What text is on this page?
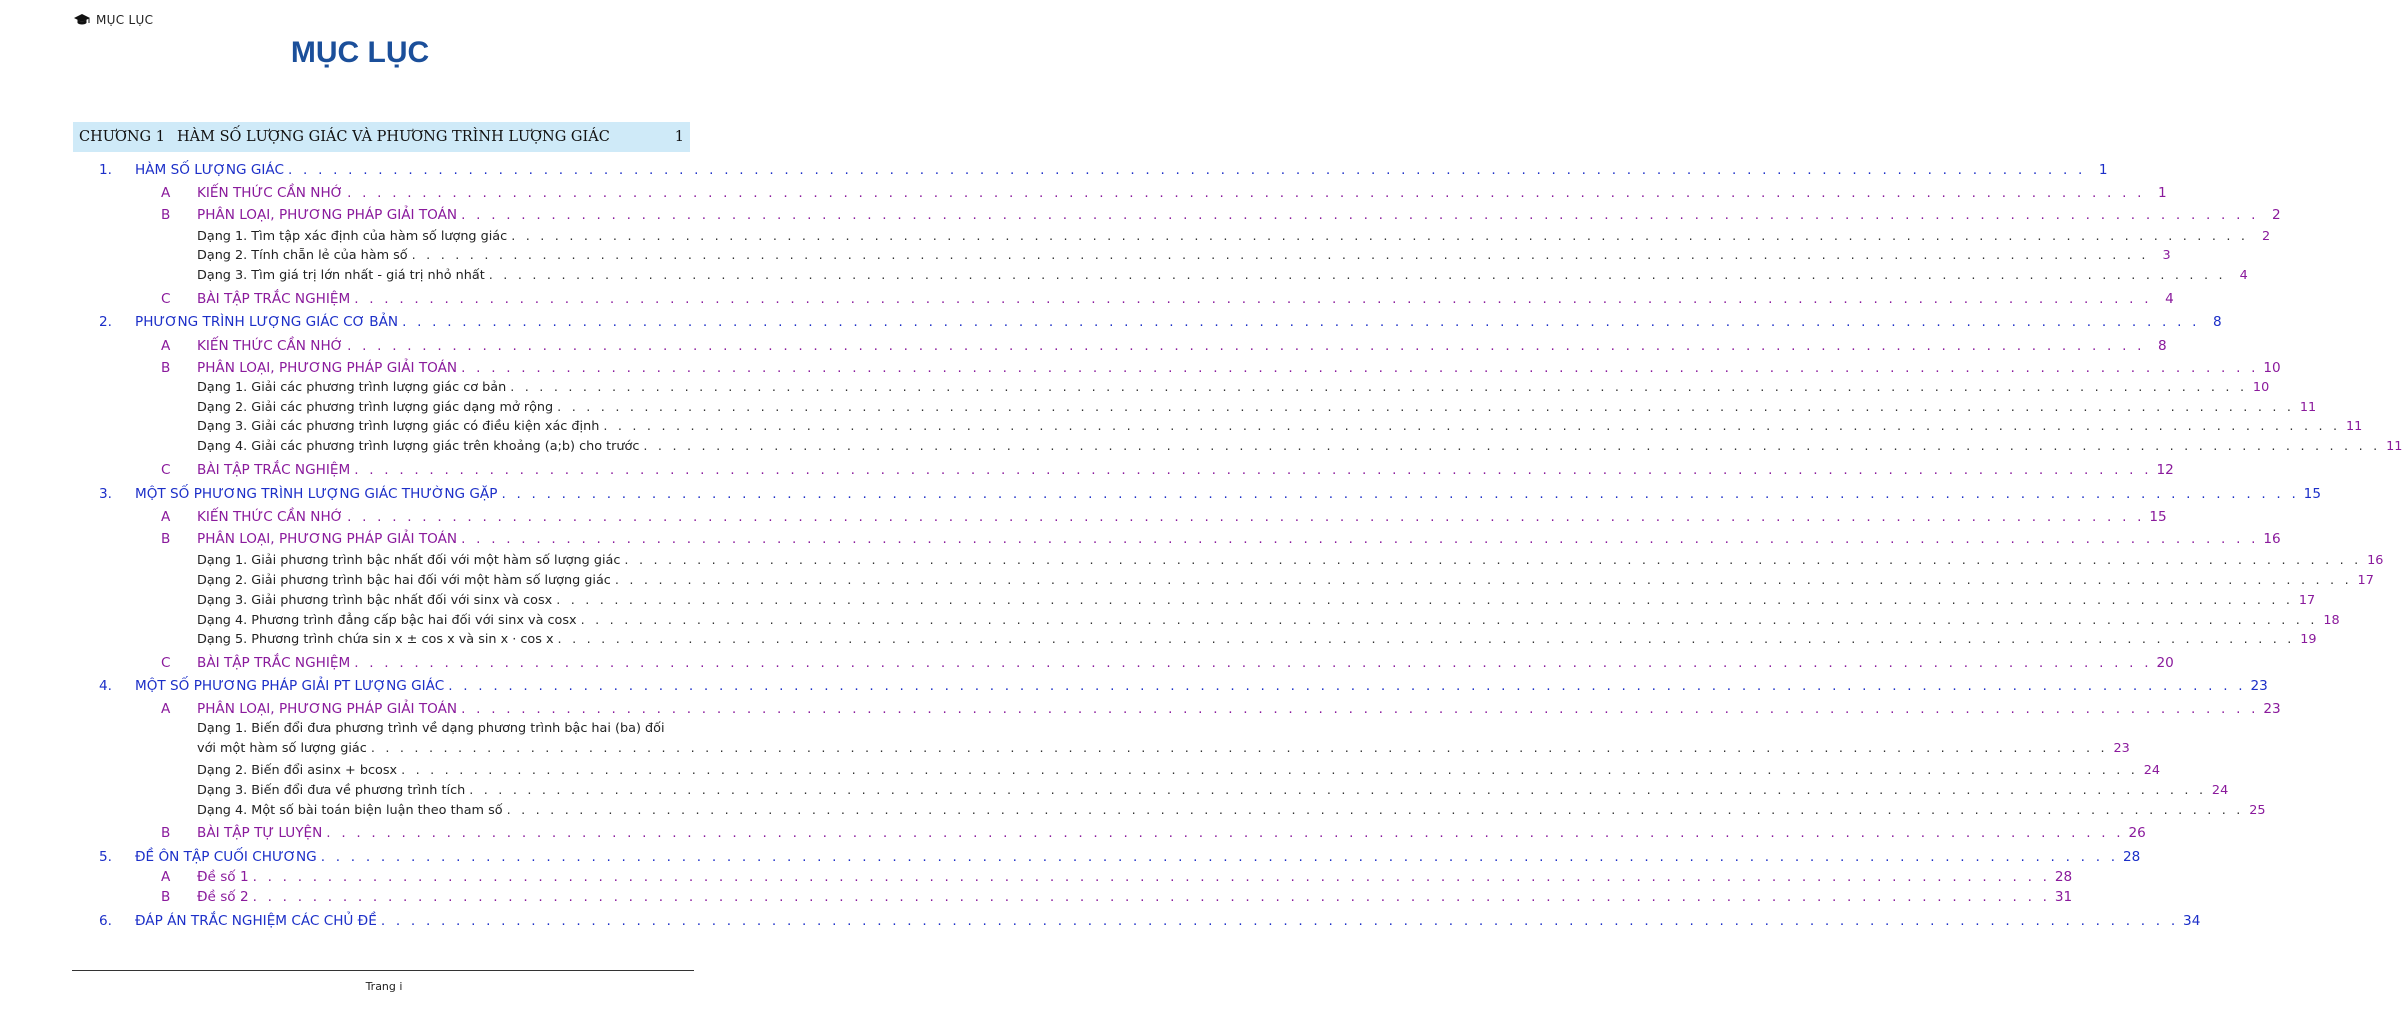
MỤC LỤC
MỤC LỤC
CHƯƠNG 1 HÀM SỐ LƯỢNG GIÁC VÀ PHƯƠNG TRÌNH LƯỢNG GIÁC	1
1. HÀM SỐ LƯỢNG GIÁC . . . . . . . . . . . . . . . . . . . . . . . . . . . . . . . . . . . . . . . . . . . . . . . . . . . . . . . . . . . . . . . . . . . . . . . . . . . . . . . . . . . . . . . . . . . . . . . . . . . . . . . . . . . . . . . . . . . . . . . . 1
A KIẾN THỨC CẦN NHỚ . . . . . . . . . . . . . . . . . . . . . . . . . . . . . . . . . . . . . . . . . . . . . . . . . . . . . . . . . . . . . . . . . . . . . . . . . . . . . . . . . . . . . . . . . . . . . . . . . . . . . . . . . . . . . . . . . . . . . . . . 1
B PHÂN LOẠI, PHƯƠNG PHÁP GIẢI TOÁN . . . . . . . . . . . . . . . . . . . . . . . . . . . . . . . . . . . . . . . . . . . . . . . . . . . . . . . . . . . . . . . . . . . . . . . . . . . . . . . . . . . . . . . . . . . . . . . . . . . . . . . . . . . . . . . . . . . . . . . . 2
Dạng 1. Tìm tập xác định của hàm số lượng giác . . . . . . . . . . . . . . . . . . . . . . . . . . . . . . . . . . . . . . . . . . . . . . . . . . . . . . . . . . . . . . . . . . . . . . . . . . . . . . . . . . . . . . . . . . . . . . . . . . . . . . . . . . . . . . . . . . . . . . . .	2
Dạng 2. Tính chẵn lẻ của hàm số . . . . . . . . . . . . . . . . . . . . . . . . . . . . . . . . . . . . . . . . . . . . . . . . . . . . . . . . . . . . . . . . . . . . . . . . . . . . . . . . . . . . . . . . . . . . . . . . . . . . . . . . . . . . . . . . . . . . . . . .	3
Dạng 3. Tìm giá trị lớn nhất - giá trị nhỏ nhất . . . . . . . . . . . . . . . . . . . . . . . . . . . . . . . . . . . . . . . . . . . . . . . . . . . . . . . . . . . . . . . . . . . . . . . . . . . . . . . . . . . . . . . . . . . . . . . . . . . . . . . . . . . . . . . . . . . . . . . .	4
C BÀI TẬP TRẮC NGHIỆM . . . . . . . . . . . . . . . . . . . . . . . . . . . . . . . . . . . . . . . . . . . . . . . . . . . . . . . . . . . . . . . . . . . . . . . . . . . . . . . . . . . . . . . . . . . . . . . . . . . . . . . . . . . . . . . . . . . . . . . . 4
2. PHƯƠNG TRÌNH LƯỢNG GIÁC CƠ BẢN . . . . . . . . . . . . . . . . . . . . . . . . . . . . . . . . . . . . . . . . . . . . . . . . . . . . . . . . . . . . . . . . . . . . . . . . . . . . . . . . . . . . . . . . . . . . . . . . . . . . . . . . . . . . . . . . . . . . . . . . 8
A KIẾN THỨC CẦN NHỚ . . . . . . . . . . . . . . . . . . . . . . . . . . . . . . . . . . . . . . . . . . . . . . . . . . . . . . . . . . . . . . . . . . . . . . . . . . . . . . . . . . . . . . . . . . . . . . . . . . . . . . . . . . . . . . . . . . . . . . . . 8
B PHÂN LOẠI, PHƯƠNG PHÁP GIẢI TOÁN . . . . . . . . . . . . . . . . . . . . . . . . . . . . . . . . . . . . . . . . . . . . . . . . . . . . . . . . . . . . . . . . . . . . . . . . . . . . . . . . . . . . . . . . . . . . . . . . . . . . . . . . . . . . . . . . . . . . . . . . 10
Dạng 1. Giải các phương trình lượng giác cơ bản . . . . . . . . . . . . . . . . . . . . . . . . . . . . . . . . . . . . . . . . . . . . . . . . . . . . . . . . . . . . . . . . . . . . . . . . . . . . . . . . . . . . . . . . . . . . . . . . . . . . . . . . . . . . . . . . . . . . . . . . 10
Dạng 2. Giải các phương trình lượng giác dạng mở rộng . . . . . . . . . . . . . . . . . . . . . . . . . . . . . . . . . . . . . . . . . . . . . . . . . . . . . . . . . . . . . . . . . . . . . . . . . . . . . . . . . . . . . . . . . . . . . . . . . . . . . . . . . . . . . . . . . . . . . . . . 11
Dạng 3. Giải các phương trình lượng giác có điều kiện xác định . . . . . . . . . . . . . . . . . . . . . . . . . . . . . . . . . . . . . . . . . . . . . . . . . . . . . . . . . . . . . . . . . . . . . . . . . . . . . . . . . . . . . . . . . . . . . . . . . . . . . . . . . . . . . . . . . . . . . . . . 11
Dạng 4. Giải các phương trình lượng giác trên khoảng (a;b) cho trước . . . . . . . . . . . . . . . . . . . . . . . . . . . . . . . . . . . . . . . . . . . . . . . . . . . . . . . . . . . . . . . . . . . . . . . . . . . . . . . . . . . . . . . . . . . . . . . . . . . . . . . . . . . . . . . . . . . . . . . . 11
C BÀI TẬP TRẮC NGHIỆM . . . . . . . . . . . . . . . . . . . . . . . . . . . . . . . . . . . . . . . . . . . . . . . . . . . . . . . . . . . . . . . . . . . . . . . . . . . . . . . . . . . . . . . . . . . . . . . . . . . . . . . . . . . . . . . . . . . . . . . . 12
3. MỘT SỐ PHƯƠNG TRÌNH LƯỢNG GIÁC THƯỜNG GẶP . . . . . . . . . . . . . . . . . . . . . . . . . . . . . . . . . . . . . . . . . . . . . . . . . . . . . . . . . . . . . . . . . . . . . . . . . . . . . . . . . . . . . . . . . . . . . . . . . . . . . . . . . . . . . . . . . . . . . . . . 15
A KIẾN THỨC CẦN NHỚ . . . . . . . . . . . . . . . . . . . . . . . . . . . . . . . . . . . . . . . . . . . . . . . . . . . . . . . . . . . . . . . . . . . . . . . . . . . . . . . . . . . . . . . . . . . . . . . . . . . . . . . . . . . . . . . . . . . . . . . . 15
B PHÂN LOẠI, PHƯƠNG PHÁP GIẢI TOÁN . . . . . . . . . . . . . . . . . . . . . . . . . . . . . . . . . . . . . . . . . . . . . . . . . . . . . . . . . . . . . . . . . . . . . . . . . . . . . . . . . . . . . . . . . . . . . . . . . . . . . . . . . . . . . . . . . . . . . . . . 16
Dạng 1. Giải phương trình bậc nhất đối với một hàm số lượng giác . . . . . . . . . . . . . . . . . . . . . . . . . . . . . . . . . . . . . . . . . . . . . . . . . . . . . . . . . . . . . . . . . . . . . . . . . . . . . . . . . . . . . . . . . . . . . . . . . . . . . . . . . . . . . . . . . . . . . . . . 16
Dạng 2. Giải phương trình bậc hai đối với một hàm số lượng giác . . . . . . . . . . . . . . . . . . . . . . . . . . . . . . . . . . . . . . . . . . . . . . . . . . . . . . . . . . . . . . . . . . . . . . . . . . . . . . . . . . . . . . . . . . . . . . . . . . . . . . . . . . . . . . . . . . . . . . . . 17
Dạng 3. Giải phương trình bậc nhất đối với sinx và cosx . . . . . . . . . . . . . . . . . . . . . . . . . . . . . . . . . . . . . . . . . . . . . . . . . . . . . . . . . . . . . . . . . . . . . . . . . . . . . . . . . . . . . . . . . . . . . . . . . . . . . . . . . . . . . . . . . . . . . . . . 17
Dạng 4. Phương trình đẳng cấp bậc hai đối với sinx và cosx . . . . . . . . . . . . . . . . . . . . . . . . . . . . . . . . . . . . . . . . . . . . . . . . . . . . . . . . . . . . . . . . . . . . . . . . . . . . . . . . . . . . . . . . . . . . . . . . . . . . . . . . . . . . . . . . . . . . . . . . 18
Dạng 5. Phương trình chứa sin x ± cos x và sin x · cos x . . . . . . . . . . . . . . . . . . . . . . . . . . . . . . . . . . . . . . . . . . . . . . . . . . . . . . . . . . . . . . . . . . . . . . . . . . . . . . . . . . . . . . . . . . . . . . . . . . . . . . . . . . . . . . . . . . . . . . . . 19
C BÀI TẬP TRẮC NGHIỆM . . . . . . . . . . . . . . . . . . . . . . . . . . . . . . . . . . . . . . . . . . . . . . . . . . . . . . . . . . . . . . . . . . . . . . . . . . . . . . . . . . . . . . . . . . . . . . . . . . . . . . . . . . . . . . . . . . . . . . . . 20
4. MỘT SỐ PHƯƠNG PHÁP GIẢI PT LƯỢNG GIÁC . . . . . . . . . . . . . . . . . . . . . . . . . . . . . . . . . . . . . . . . . . . . . . . . . . . . . . . . . . . . . . . . . . . . . . . . . . . . . . . . . . . . . . . . . . . . . . . . . . . . . . . . . . . . . . . . . . . . . . . . 23
A PHÂN LOẠI, PHƯƠNG PHÁP GIẢI TOÁN . . . . . . . . . . . . . . . . . . . . . . . . . . . . . . . . . . . . . . . . . . . . . . . . . . . . . . . . . . . . . . . . . . . . . . . . . . . . . . . . . . . . . . . . . . . . . . . . . . . . . . . . . . . . . . . . . . . . . . . . 23
Dạng 1. Biến đổi đưa phương trình về dạng phương trình bậc hai (ba) đối
với một hàm số lượng giác . . . . . . . . . . . . . . . . . . . . . . . . . . . . . . . . . . . . . . . . . . . . . . . . . . . . . . . . . . . . . . . . . . . . . . . . . . . . . . . . . . . . . . . . . . . . . . . . . . . . . . . . . . . . . . . . . . . . . . . . 23
Dạng 2. Biến đổi asinx + bcosx . . . . . . . . . . . . . . . . . . . . . . . . . . . . . . . . . . . . . . . . . . . . . . . . . . . . . . . . . . . . . . . . . . . . . . . . . . . . . . . . . . . . . . . . . . . . . . . . . . . . . . . . . . . . . . . . . . . . . . . . 24
Dạng 3. Biến đổi đưa về phương trình tích . . . . . . . . . . . . . . . . . . . . . . . . . . . . . . . . . . . . . . . . . . . . . . . . . . . . . . . . . . . . . . . . . . . . . . . . . . . . . . . . . . . . . . . . . . . . . . . . . . . . . . . . . . . . . . . . . . . . . . . . 24
Dạng 4. Một số bài toán biện luận theo tham số . . . . . . . . . . . . . . . . . . . . . . . . . . . . . . . . . . . . . . . . . . . . . . . . . . . . . . . . . . . . . . . . . . . . . . . . . . . . . . . . . . . . . . . . . . . . . . . . . . . . . . . . . . . . . . . . . . . . . . . . 25
B BÀI TẬP TỰ LUYỆN . . . . . . . . . . . . . . . . . . . . . . . . . . . . . . . . . . . . . . . . . . . . . . . . . . . . . . . . . . . . . . . . . . . . . . . . . . . . . . . . . . . . . . . . . . . . . . . . . . . . . . . . . . . . . . . . . . . . . . . . 26
5. ĐỀ ÔN TẬP CUỐI CHƯƠNG . . . . . . . . . . . . . . . . . . . . . . . . . . . . . . . . . . . . . . . . . . . . . . . . . . . . . . . . . . . . . . . . . . . . . . . . . . . . . . . . . . . . . . . . . . . . . . . . . . . . . . . . . . . . . . . . . . . . . . . . 28
A Đề số 1 . . . . . . . . . . . . . . . . . . . . . . . . . . . . . . . . . . . . . . . . . . . . . . . . . . . . . . . . . . . . . . . . . . . . . . . . . . . . . . . . . . . . . . . . . . . . . . . . . . . . . . . . . . . . . . . . . . . . . . . . 28
B Đề số 2 . . . . . . . . . . . . . . . . . . . . . . . . . . . . . . . . . . . . . . . . . . . . . . . . . . . . . . . . . . . . . . . . . . . . . . . . . . . . . . . . . . . . . . . . . . . . . . . . . . . . . . . . . . . . . . . . . . . . . . . . 31
6. ĐÁP ÁN TRẮC NGHIỆM CÁC CHỦ ĐỀ . . . . . . . . . . . . . . . . . . . . . . . . . . . . . . . . . . . . . . . . . . . . . . . . . . . . . . . . . . . . . . . . . . . . . . . . . . . . . . . . . . . . . . . . . . . . . . . . . . . . . . . . . . . . . . . . . . . . . . . . 34
Trang i
